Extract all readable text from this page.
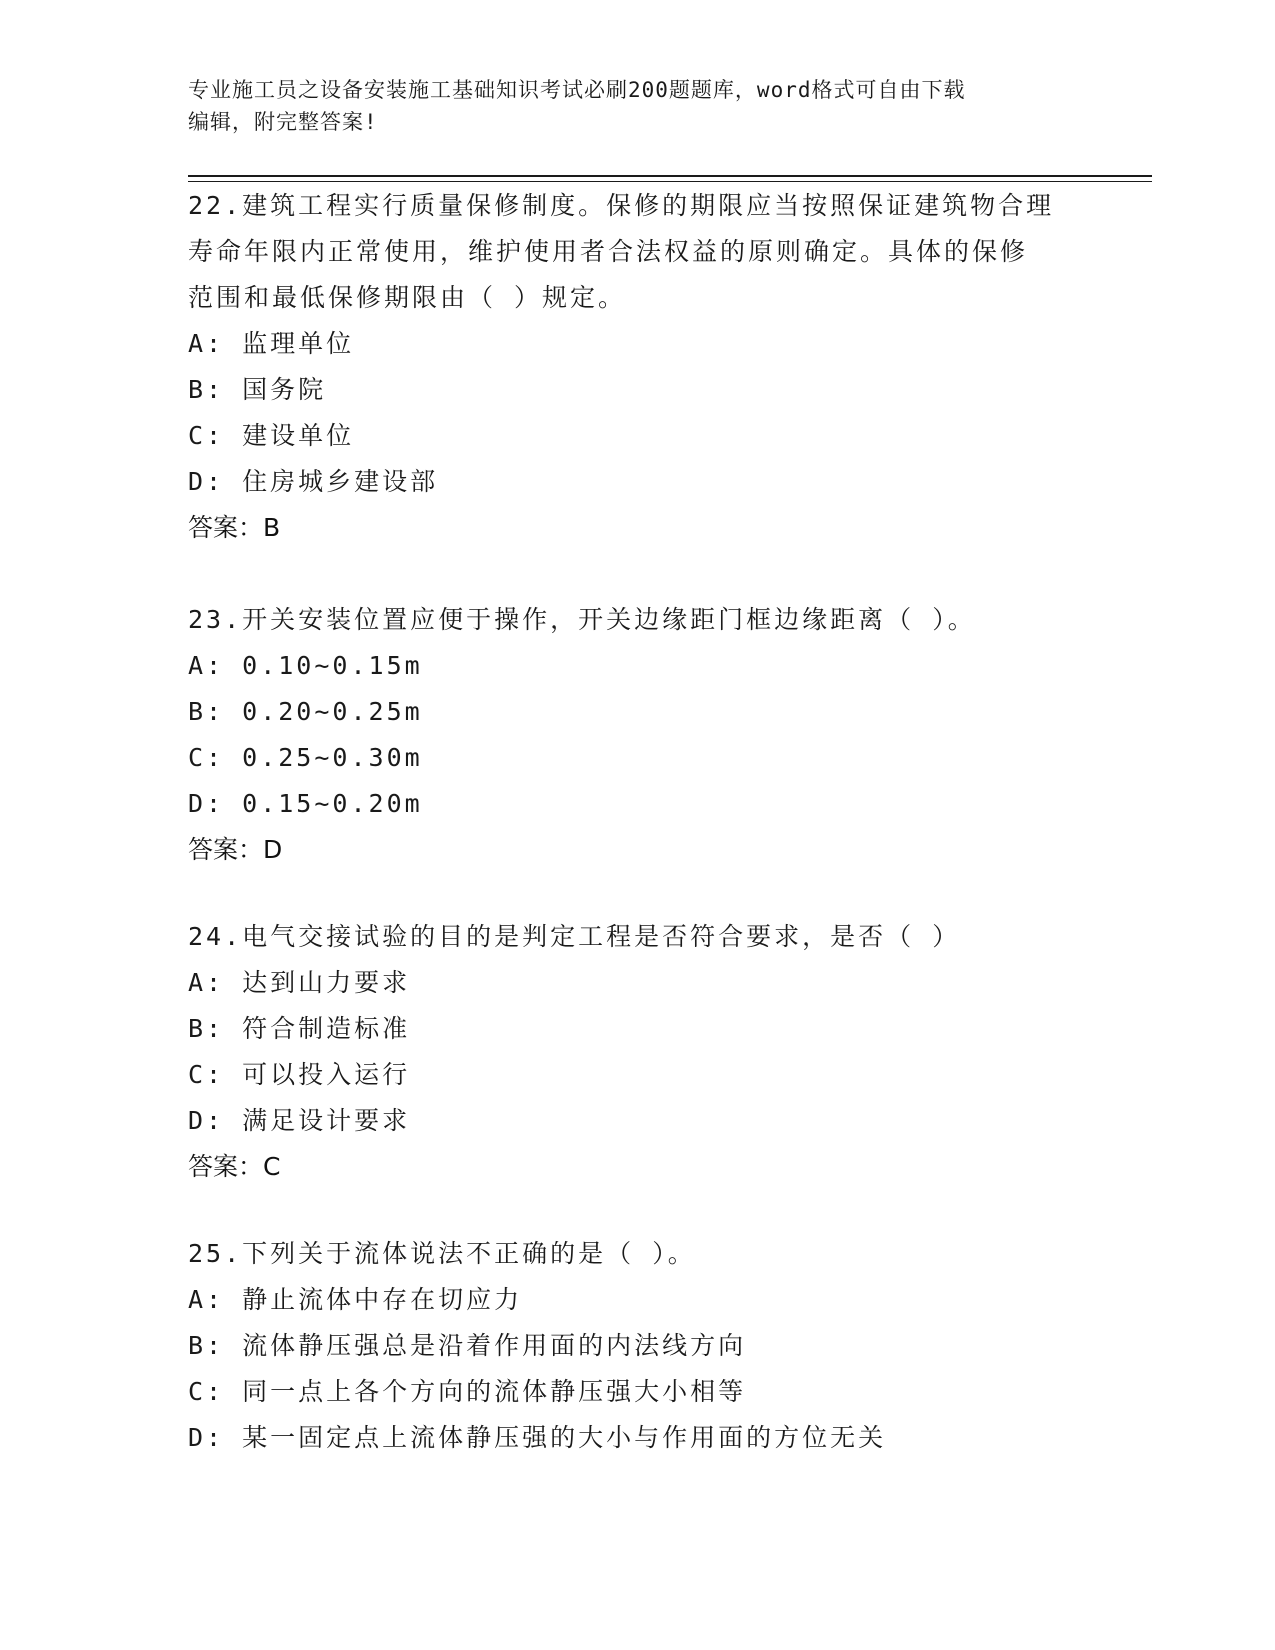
专业施工员之设备安装施工基础知识考试必刷200题题库，word格式可自由下载
编辑，附完整答案!

22.建筑工程实行质量保修制度。保修的期限应当按照保证建筑物合理

寿命年限内正常使用，维护使用者合法权益的原则确定。具体的保修

范围和最低保修期限由（ ）规定。

A: 监理单位

B: 国务院

C: 建设单位

D: 住房城乡建设部

答案：B

23.开关安装位置应便于操作，开关边缘距门框边缘距离（ ）。

A: 0.10~0.15m

B: 0.20~0.25m

C: 0.25~0.30m

D: 0.15~0.20m

答案：D

24.电气交接试验的目的是判定工程是否符合要求，是否（ ）

A: 达到山力要求

B: 符合制造标准

C: 可以投入运行

D: 满足设计要求

答案：C

25.下列关于流体说法不正确的是（ ）。

A: 静止流体中存在切应力

B: 流体静压强总是沿着作用面的内法线方向

C: 同一点上各个方向的流体静压强大小相等

D: 某一固定点上流体静压强的大小与作用面的方位无关
